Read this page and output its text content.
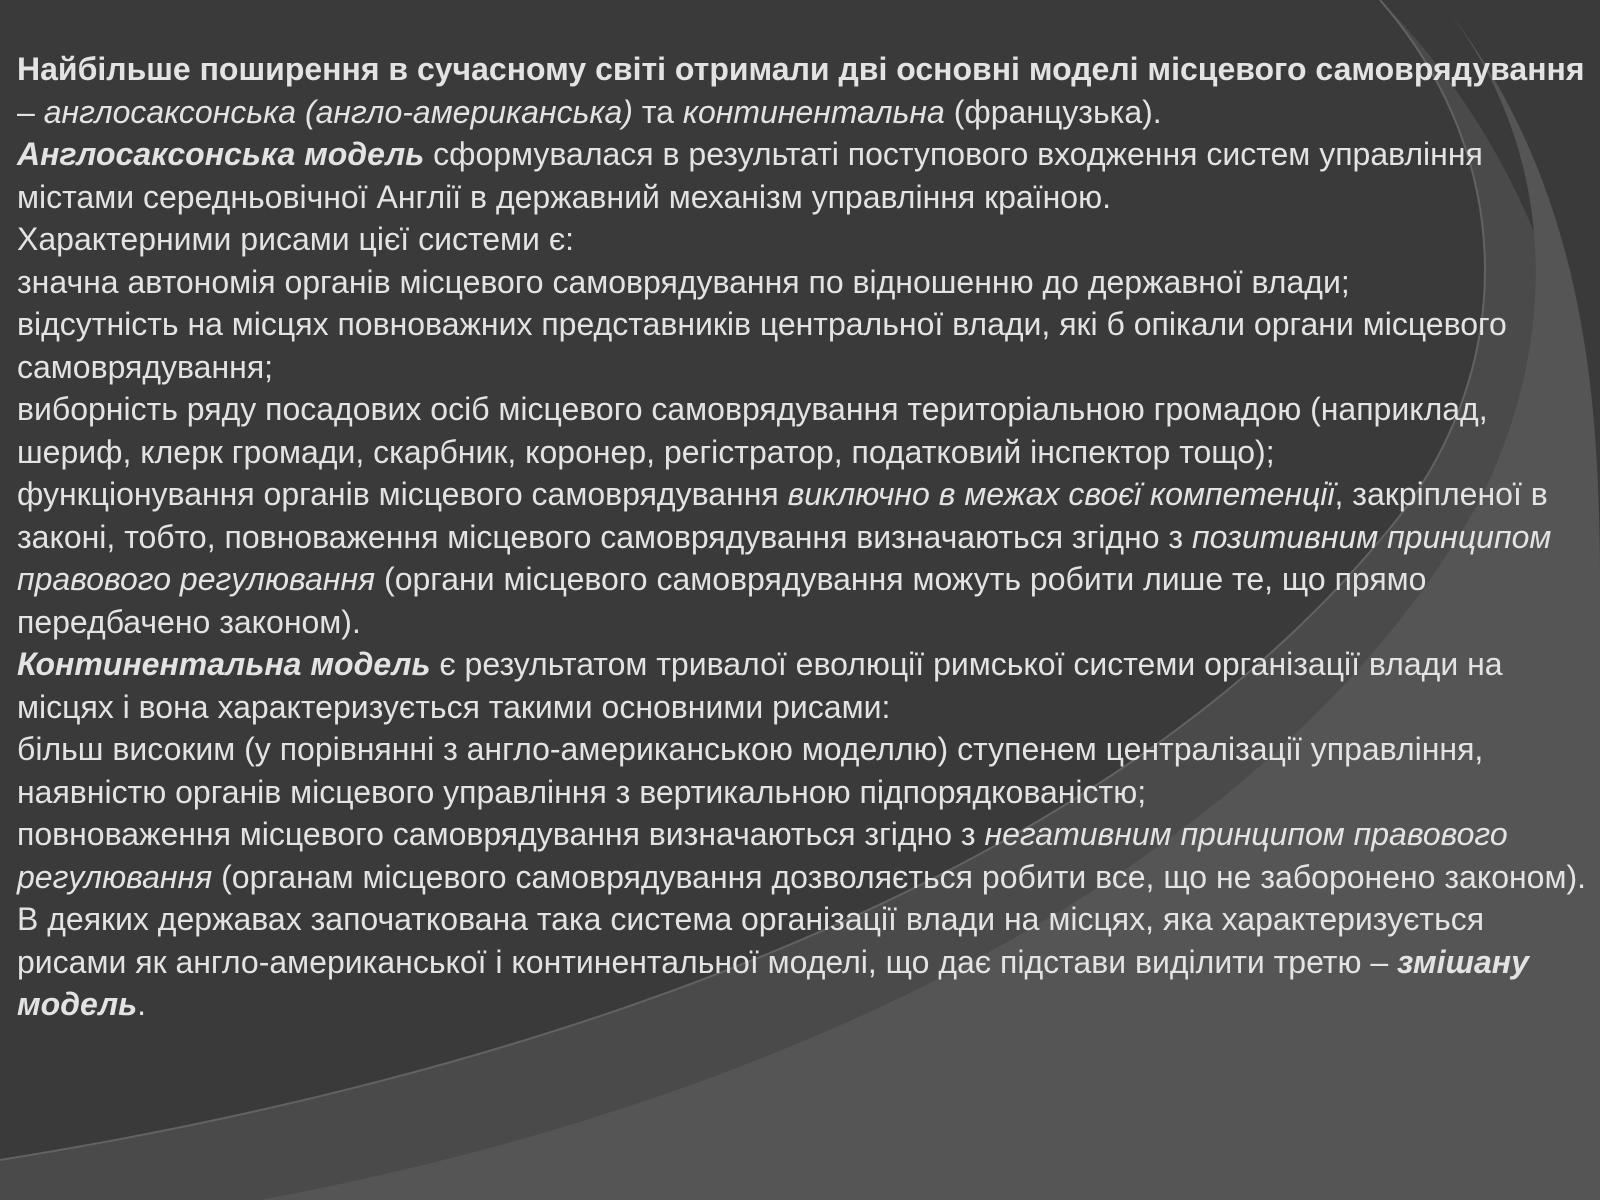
Найбільше поширення в сучасному світі отримали дві основні моделі місцевого самоврядування – англосаксонська (англо-американська) та континентальна (французька).

Англосаксонська модель сформувалася в результаті поступового входження систем управління містами середньовічної Англії в державний механізм управління країною.

Характерними рисами цієї системи є:

значна автономія органів місцевого самоврядування по відношенню до державної влади;

відсутність на місцях повноважних представників центральної влади, які б опікали органи місцевого самоврядування;

виборність ряду посадових осіб місцевого самоврядування територіальною громадою (наприклад, шериф, клерк громади, скарбник, коронер, регістратор, податковий інспектор тощо);

функціонування органів місцевого самоврядування виключно в межах своєї компетенції, закріпленої в законі, тобто, повноваження місцевого самоврядування визначаються згідно з позитивним принципом правового регулювання (органи місцевого самоврядування можуть робити лише те, що прямо передбачено законом).

Континентальна модель є результатом тривалої еволюції римської системи організації влади на місцях і вона характеризується такими основними рисами:

більш високим (у порівнянні з англо-американською моделлю) ступенем централізації управління, наявністю органів місцевого управління з вертикальною підпорядкованістю;

повноваження місцевого самоврядування визначаються згідно з негативним принципом правового регулювання (органам місцевого самоврядування дозволяється робити все, що не заборонено законом).

В деяких державах започаткована така система організації влади на місцях, яка характеризується рисами як англо-американської і континентальної моделі, що дає підстави виділити третю – змішану модель.
